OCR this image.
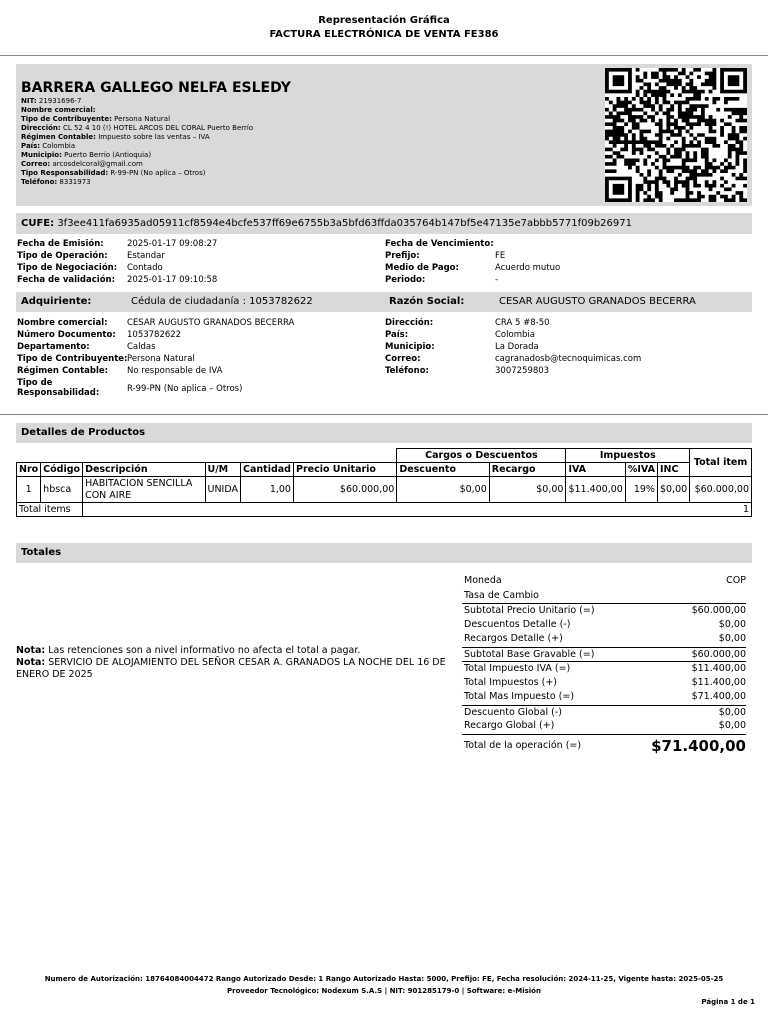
Representación Gráfica
FACTURA ELECTRÓNICA DE VENTA FE386
BARRERA GALLEGO NELFA ESLEDY
NIT: 21931696-7
Nombre comercial:
Tipo de Contribuyente: Persona Natural
Dirección: CL 52 4 10 (!) HOTEL ARCOS DEL CORAL Puerto Berrío
Régimen Contable: Impuesto sobre las ventas – IVA
País: Colombia
Municipio: Puerto Berrío (Antioquia)
Correo: arcosdelcoral@gmail.com
Tipo Responsabilidad: R-99-PN (No aplica – Otros)
Teléfono: 8331973
CUFE: 3f3ee411fa6935ad05911cf8594e4bcfe537ff69e6755b3a5bfd63ffda035764b147bf5e47135e7abbb5771f09b26971
Fecha de Emisión:	2025-01-17 09:08:27
Tipo de Operación: Estandar
Tipo de Negociación: Contado
Fecha de validación: 2025-01-17 09:10:58
Fecha de Vencimiento:
Prefijo:	FE
Medio de Pago:	Acuerdo mutuo
Periodo:	-
Adquiriente:	Cédula de ciudadanía : 1053782622	Razón Social:	CESAR AUGUSTO GRANADOS BECERRA
Nombre comercial: CESAR AUGUSTO GRANADOS BECERRA
Número Documento: 1053782622
Departamento:	Caldas
Tipo de Contribuyente: Persona Natural
Régimen Contable: No responsable de IVA
Tipo de
Responsabilidad:	R-99-PN (No aplica – Otros)
Dirección:	CRA 5 #8-50
País:	Colombia
Municipio:	La Dorada
Correo:	cagranadosb@tecnoquimicas.com
Teléfono:	3007259803
Detalles de Productos
						Cargos o Descuentos		Impuestos			Total item
Nro	Código	Descripción	U/M	Cantidad	Precio Unitario	Descuento	Recargo	IVA	%IVA	INC	
1	hbsca	HABITACION SENCILLA CON AIRE	UNIDA	1,00	$60.000,00	$0,00	$0,00	$11.400,00	19%	$0,00	$60.000,00
Total items		1									
Totales
Nota: Las retenciones son a nivel informativo no afecta el total a pagar.
Nota: SERVICIO DE ALOJAMIENTO DEL SEÑOR CESAR A. GRANADOS LA NOCHE DEL 16 DE ENERO DE 2025
Moneda	COP
Tasa de Cambio
Subtotal Precio Unitario (=)	$60.000,00
Descuentos Detalle (-)	$0,00
Recargos Detalle (+)	$0,00
Subtotal Base Gravable (=)	$60.000,00
Total Impuesto IVA (=)	$11.400,00
Total Impuestos (+)	$11.400,00
Total Mas Impuesto (=)	$71.400,00
Descuento Global (-)	$0,00
Recargo Global (+)	$0,00
Total de la operación (=)	$71.400,00
Numero de Autorización: 18764084004472 Rango Autorizado Desde: 1 Rango Autorizado Hasta: 5000, Prefijo: FE, Fecha resolución: 2024-11-25, Vigente hasta: 2025-05-25
Proveedor Tecnológico: Nodexum S.A.S | NIT: 901285179-0 | Software: e-Misión
Página 1 de 1
